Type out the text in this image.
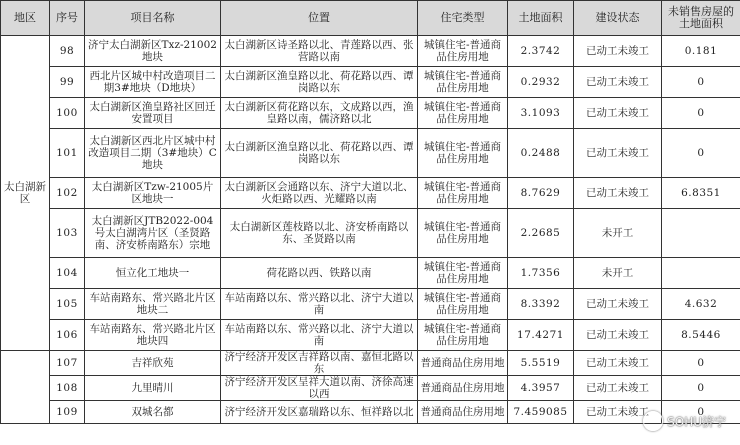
地区	序号	项目名称	位置	住宅类型	土地面积	建设状态	未销售房屋的土地面积
太白湖新区	98	济宁太白湖新区Txz-21002地块	太白湖新区诗圣路以北、青莲路以西、张营路以南	城镇住宅-普通商品住房用地	2.3742	已动工未竣工	0.181
	99	西北片区城中村改造项目二期3#地块（D地块）	太白湖新区渔皇路以北、荷花路以西、谭岗路以东	城镇住宅-普通商品住房用地	0.2932	已动工未竣工	0
	100	太白湖新区渔皇路社区回迁安置项目	太白湖新区荷花路以东，文成路以西，渔皇路以南，儒济路以北	城镇住宅-普通商品住房用地	3.1093	已动工未竣工	0
	101	太白湖新区西北片区城中村改造项目二期（3#地块）C地块	太白湖新区渔皇路以北、荷花路以西、谭岗路以东	城镇住宅-普通商品住房用地	0.2488	已动工未竣工	0
	102	太白湖新区Tzw-21005片区地块一	太白湖新区会通路以东、济宁大道以北、火炬路以西、光耀路以南	城镇住宅-普通商品住房用地	8.7629	已动工未竣工	6.8351
	103	太白湖新区JTB2022-004号太白湖湾片区（圣贤路南、济安桥南路东）宗地	太白湖新区莲枝路以北、济安桥南路以东、圣贤路以南	城镇住宅-普通商品住房用地	2.2685	未开工	
	104	恒立化工地块一	荷花路以西、铁路以南	城镇住宅-普通商品住房用地	1.7356	未开工	
	105	车站南路东、常兴路北片区地块二	车站南路以东、常兴路以北、济宁大道以南	城镇住宅-普通商品住房用地	8.3392	已动工未竣工	4.632
	106	车站南路东、常兴路北片区地块四	车站南路以东、常兴路以北、济宁大道以南	城镇住宅-普通商品住房用地	17.4271	已动工未竣工	8.5446
	107	吉祥欣苑	济宁经济开发区吉祥路以南、嘉恒北路以东	普通商品住房用地	5.5519	已动工未竣工	0
	108	九里晴川	济宁经济开发区呈祥大道以南、济徐高速以西	普通商品住房用地	4.3957	已动工未竣工	0
	109	双城名都	济宁经济开发区嘉瑞路以东、恒祥路以北	普通商品住房用地	7.459085	已动工未竣工	0
SOHU济宁
